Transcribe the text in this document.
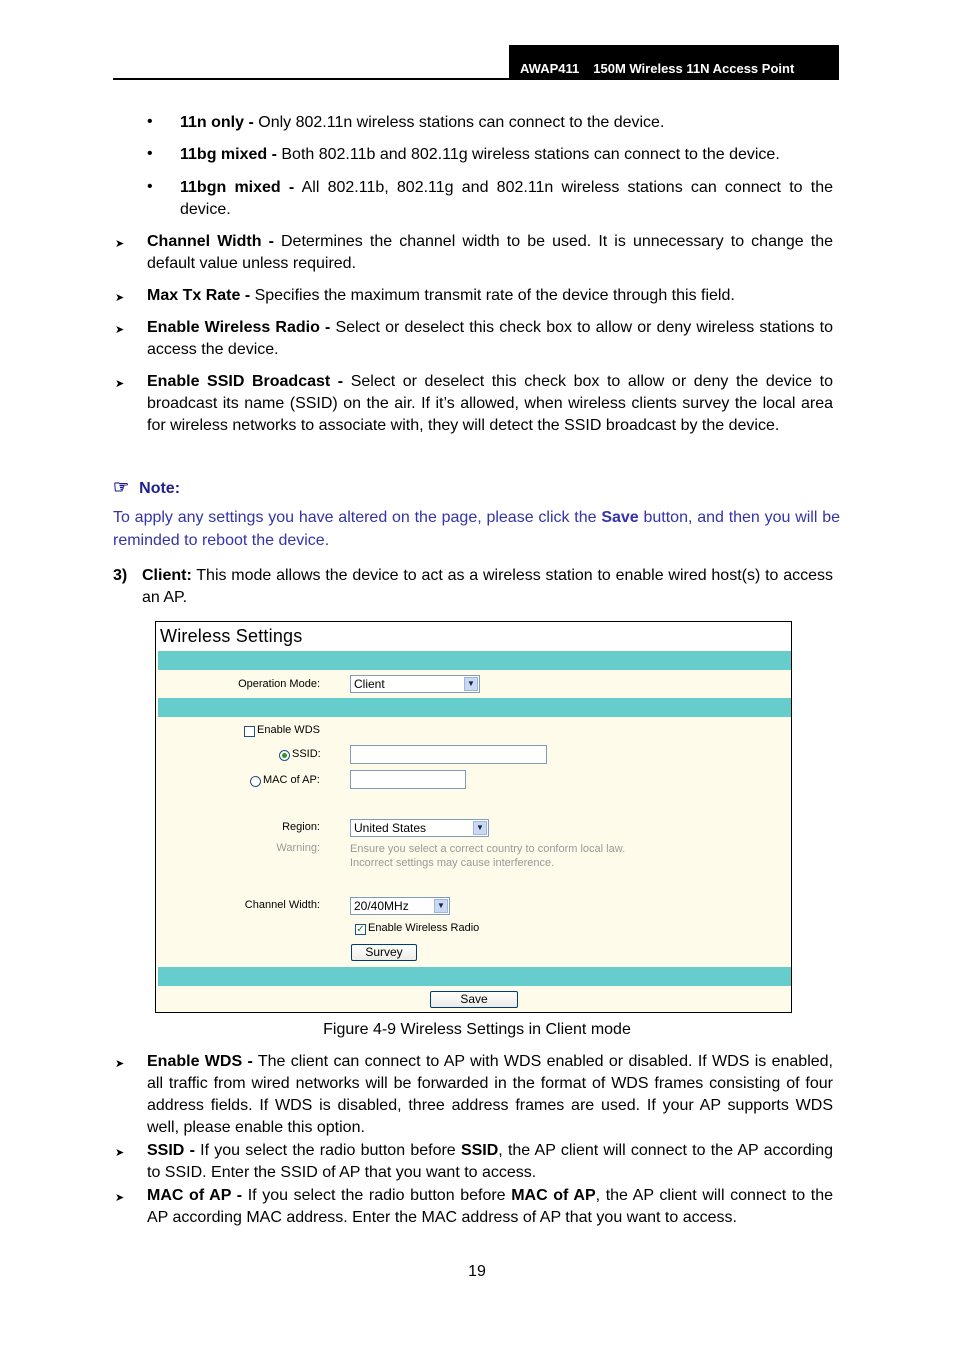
AWAP411 150M Wireless 11N Access Point
• 11n only - Only 802.11n wireless stations can connect to the device.
• 11bg mixed - Both 802.11b and 802.11g wireless stations can connect to the device.
• 11bgn mixed - All 802.11b, 802.11g and 802.11n wireless stations can connect to the device.
➤ Channel Width - Determines the channel width to be used. It is unnecessary to change the default value unless required.
➤ Max Tx Rate - Specifies the maximum transmit rate of the device through this field.
➤ Enable Wireless Radio - Select or deselect this check box to allow or deny wireless stations to access the device.
➤ Enable SSID Broadcast - Select or deselect this check box to allow or deny the device to broadcast its name (SSID) on the air. If it’s allowed, when wireless clients survey the local area for wireless networks to associate with, they will detect the SSID broadcast by the device.
☞ Note:
To apply any settings you have altered on the page, please click the Save button, and then you will be reminded to reboot the device.
3) Client: This mode allows the device to act as a wireless station to enable wired host(s) to access an AP.
Wireless Settings
Operation Mode:	Client	▼
Enable WDS
SSID:
MAC of AP:
Region:	United States	▼
Warning:	Ensure you select a correct country to conform local law.
Incorrect settings may cause interference.
Channel Width:	20/40MHz	▼
✓ Enable Wireless Radio
Survey
Save
Figure 4-9 Wireless Settings in Client mode
➤ Enable WDS - The client can connect to AP with WDS enabled or disabled. If WDS is enabled, all traffic from wired networks will be forwarded in the format of WDS frames consisting of four address fields. If WDS is disabled, three address frames are used. If your AP supports WDS well, please enable this option.
➤ SSID - If you select the radio button before SSID, the AP client will connect to the AP according to SSID. Enter the SSID of AP that you want to access.
➤ MAC of AP - If you select the radio button before MAC of AP, the AP client will connect to the AP according MAC address. Enter the MAC address of AP that you want to access.
19
